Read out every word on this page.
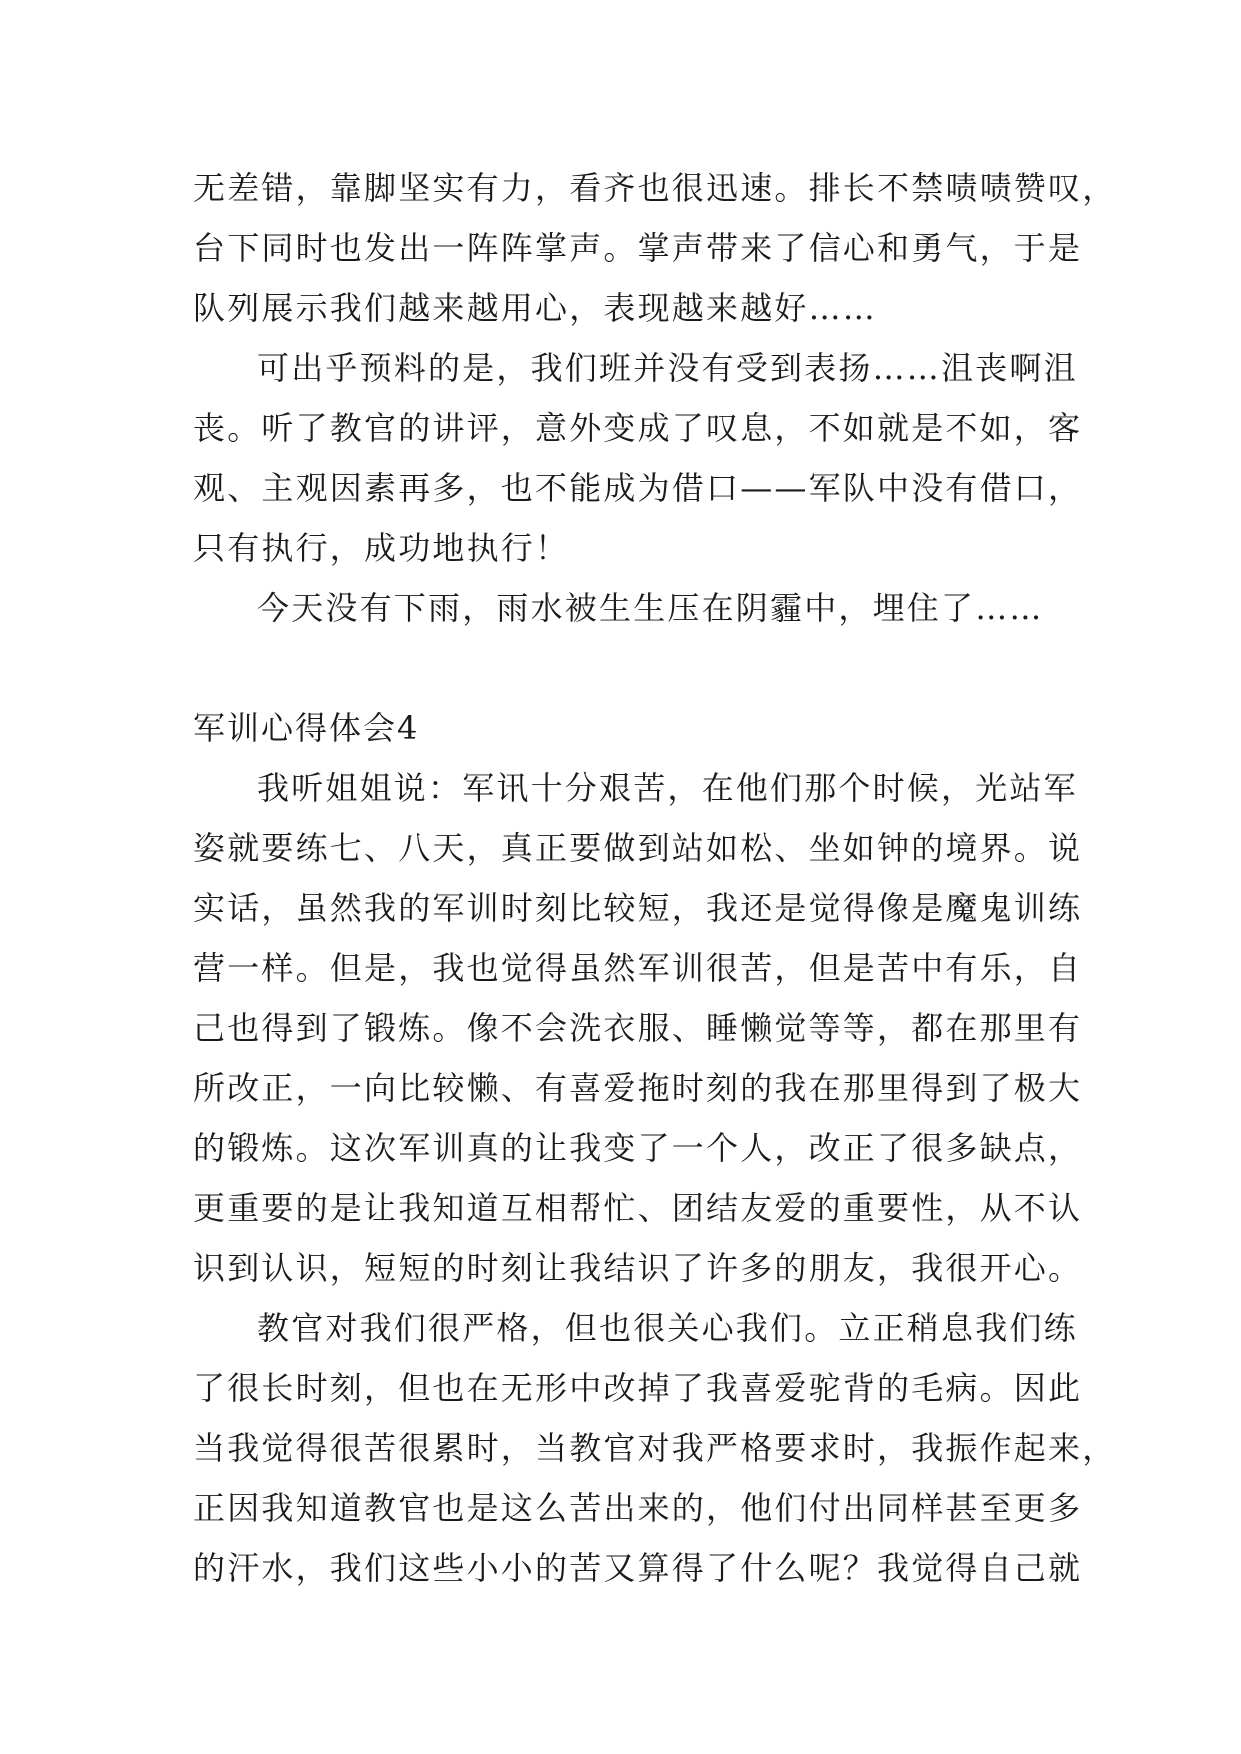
无差错，靠脚坚实有力，看齐也很迅速。排长不禁啧啧赞叹，
台下同时也发出一阵阵掌声。掌声带来了信心和勇气，于是
队列展示我们越来越用心，表现越来越好……
可出乎预料的是，我们班并没有受到表扬……沮丧啊沮
丧。听了教官的讲评，意外变成了叹息，不如就是不如，客
观、主观因素再多，也不能成为借口——军队中没有借口，
只有执行，成功地执行！
今天没有下雨，雨水被生生压在阴霾中，埋住了……
军训心得体会4
我听姐姐说：军讯十分艰苦，在他们那个时候，光站军
姿就要练七、八天，真正要做到站如松、坐如钟的境界。说
实话，虽然我的军训时刻比较短，我还是觉得像是魔鬼训练
营一样。但是，我也觉得虽然军训很苦，但是苦中有乐，自
己也得到了锻炼。像不会洗衣服、睡懒觉等等，都在那里有
所改正，一向比较懒、有喜爱拖时刻的我在那里得到了极大
的锻炼。这次军训真的让我变了一个人，改正了很多缺点，
更重要的是让我知道互相帮忙、团结友爱的重要性，从不认
识到认识，短短的时刻让我结识了许多的朋友，我很开心。
教官对我们很严格，但也很关心我们。立正稍息我们练
了很长时刻，但也在无形中改掉了我喜爱驼背的毛病。因此
当我觉得很苦很累时，当教官对我严格要求时，我振作起来，
正因我知道教官也是这么苦出来的，他们付出同样甚至更多
的汗水，我们这些小小的苦又算得了什么呢？我觉得自己就
